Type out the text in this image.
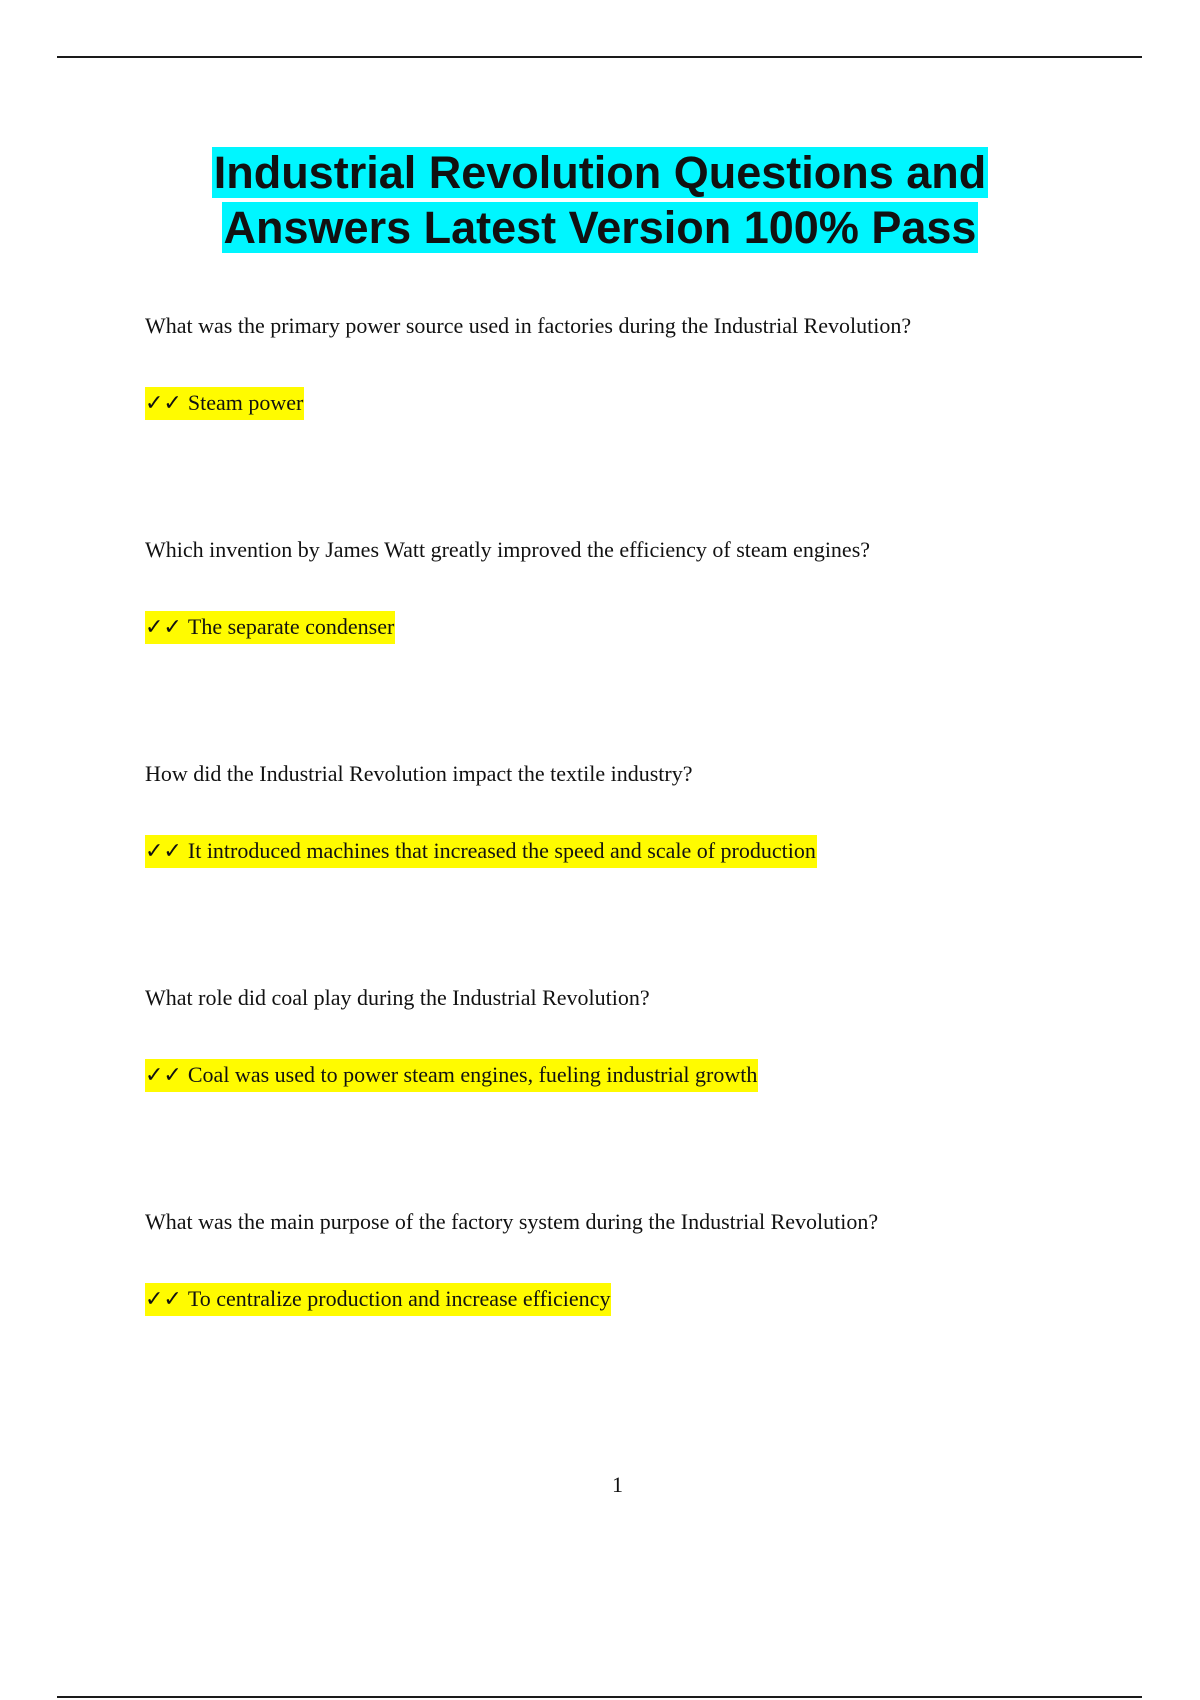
Industrial Revolution Questions and
Answers Latest Version 100% Pass

What was the primary power source used in factories during the Industrial Revolution?

✓✓ Steam power

Which invention by James Watt greatly improved the efficiency of steam engines?

✓✓ The separate condenser

How did the Industrial Revolution impact the textile industry?

✓✓ It introduced machines that increased the speed and scale of production

What role did coal play during the Industrial Revolution?

✓✓ Coal was used to power steam engines, fueling industrial growth

What was the main purpose of the factory system during the Industrial Revolution?

✓✓ To centralize production and increase efficiency
1
